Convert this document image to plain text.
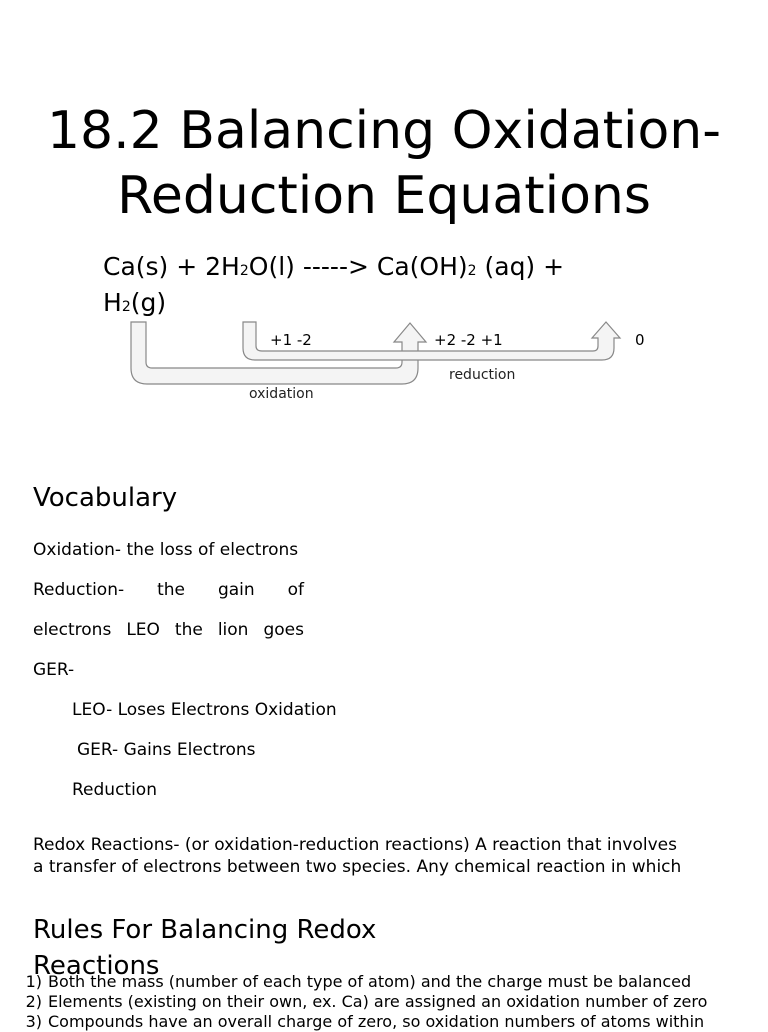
18.2 Balancing Oxidation-
Reduction Equations
Ca(s) + 2H2O(l) -----> Ca(OH)2 (aq) +
H2(g)
+1 -2	+2 -2 +1	0
reduction
oxidation
Vocabulary
Oxidation- the loss of electrons
Reduction- the gain of
electrons LEO the lion goes
GER-
LEO- Loses Electrons Oxidation
GER- Gains Electrons
Reduction
Redox Reactions- (or oxidation-reduction reactions) A reaction that involves
a transfer of electrons between two species. Any chemical reaction in which
Rules For Balancing Redox
Reactions
1) Both the mass (number of each type of atom) and the charge must be balanced
2) Elements (existing on their own, ex. Ca) are assigned an oxidation number of zero
3) Compounds have an overall charge of zero, so oxidation numbers of atoms within
